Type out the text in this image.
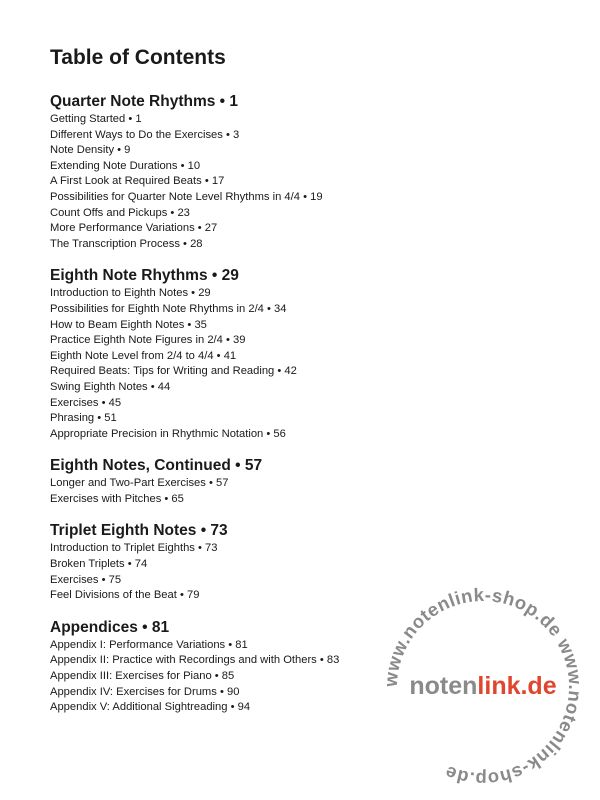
Table of Contents
Quarter Note Rhythms • 1
Getting Started • 1
Different Ways to Do the Exercises • 3
Note Density • 9
Extending Note Durations • 10
A First Look at Required Beats • 17
Possibilities for Quarter Note Level Rhythms in 4/4 • 19
Count Offs and Pickups • 23
More Performance Variations • 27
The Transcription Process • 28
Eighth Note Rhythms • 29
Introduction to Eighth Notes • 29
Possibilities for Eighth Note Rhythms in 2/4 • 34
How to Beam Eighth Notes • 35
Practice Eighth Note Figures in 2/4 • 39
Eighth Note Level from 2/4 to 4/4 • 41
Required Beats: Tips for Writing and Reading • 42
Swing Eighth Notes • 44
Exercises • 45
Phrasing • 51
Appropriate Precision in Rhythmic Notation • 56
Eighth Notes, Continued • 57
Longer and Two-Part Exercises • 57
Exercises with Pitches • 65
Triplet Eighth Notes • 73
Introduction to Triplet Eighths • 73
Broken Triplets • 74
Exercises • 75
Feel Divisions of the Beat • 79
Appendices • 81
Appendix I: Performance Variations • 81
Appendix II: Practice with Recordings and with Others • 83
Appendix III: Exercises for Piano • 85
Appendix IV: Exercises for Drums • 90
Appendix V: Additional Sightreading • 94
www.notenlink-shop.de www.notenlink-shop.de
notenlink.de
